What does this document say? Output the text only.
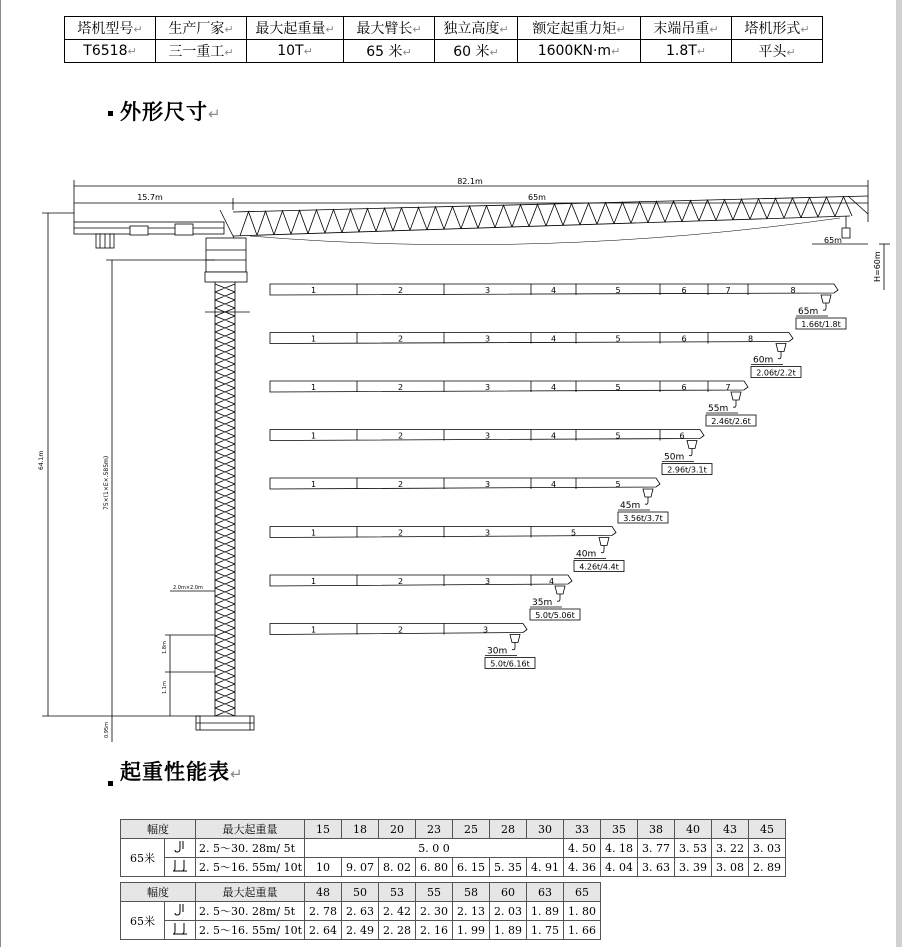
塔机型号↵	生产厂家↵	最大起重量↵	最大臂长↵	独立高度↵	额定起重力矩↵	末端吊重↵	塔机形式↵
T6518↵	三一重工↵	10T↵	65 米↵	60 米↵	1600KN·m↵	1.8T↵	平头↵
外形尺寸↵
起重性能表↵
82.1m
15.7m	65m
65m
H=60m
64.1m	75×(1×E×.585m)
2.0m×2.0m
1.8m
1.1m
0.95m
1	2	3	4	5	6	7	8
65m
1.66t/1.8t
1	2	3	4	5	6	8
60m
2.06t/2.2t
1	2	3	4	5	6	7
55m
2.46t/2.6t
1	2	3	4	5	6
50m
2.96t/3.1t
1	2	3	4	5
45m
3.56t/3.7t
1	2	3	5
40m
4.26t/4.4t
1	2	3	4
35m
5.0t/5.06t
1	2	3
30m
5.0t/6.16t
幅度		最大起重量	15	18	20	23	25	28	30	33	35	38	40	43	45
65米		2. 5～30. 28m/ 5t	5. 0 0							4. 50	4. 18	3. 77	3. 53	3. 22	3. 03
	2. 5～16. 55m/ 10t	10	9. 07	8. 02	6. 80	6. 15	5. 35	4. 91	4. 36	4. 04	3. 63	3. 39	3. 08	2. 89
幅度		最大起重量	48	50	53	55	58	60	63	65
65米		2. 5～30. 28m/ 5t	2. 78	2. 63	2. 42	2. 30	2. 13	2. 03	1. 89	1. 80
	2. 5～16. 55m/ 10t	2. 64	2. 49	2. 28	2. 16	1. 99	1. 89	1. 75	1. 66
